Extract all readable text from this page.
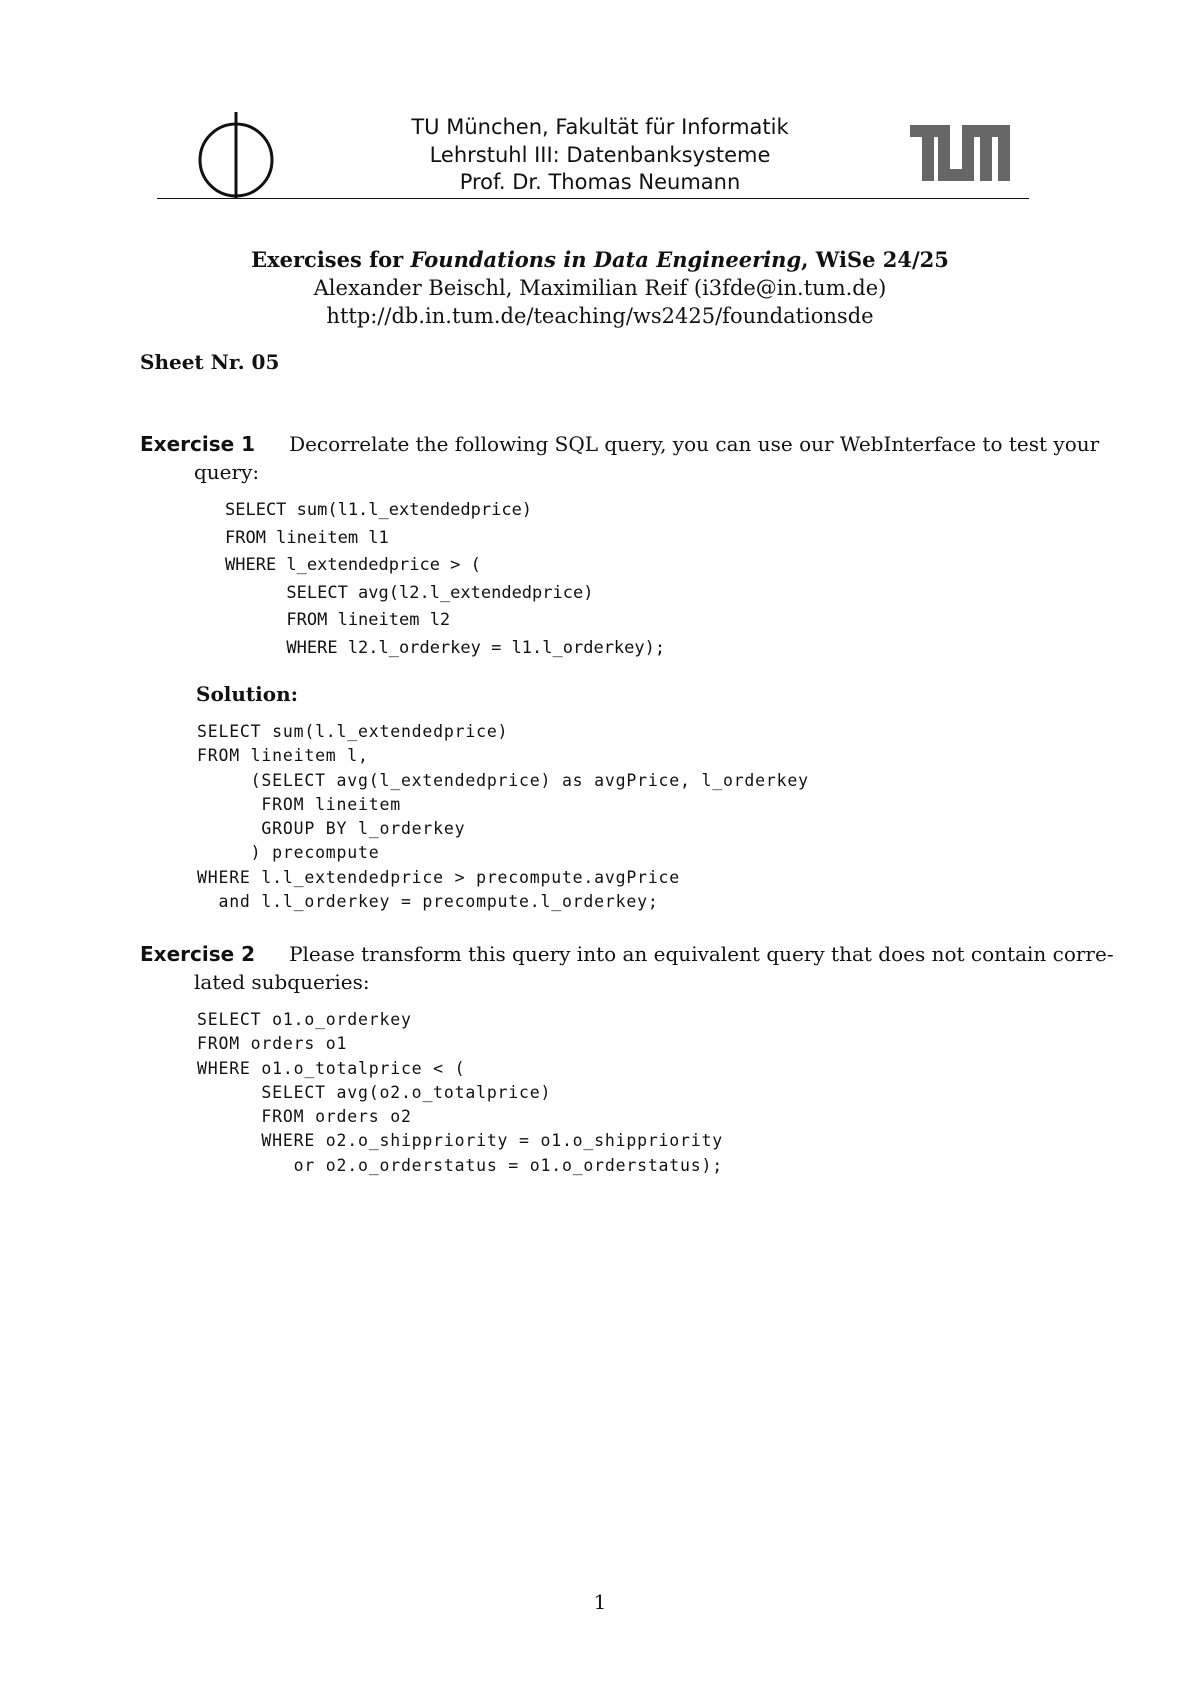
TU München, Fakultät für Informatik
Lehrstuhl III: Datenbanksysteme
Prof. Dr. Thomas Neumann
Exercises for Foundations in Data Engineering, WiSe 24/25
Alexander Beischl, Maximilian Reif (i3fde@in.tum.de)
http://db.in.tum.de/teaching/ws2425/foundationsde
Sheet Nr. 05
Exercise 1 Decorrelate the following SQL query, you can use our WebInterface to test your
query:
SELECT sum(l1.l_extendedprice)
FROM lineitem l1
WHERE l_extendedprice > (
SELECT avg(l2.l_extendedprice)
FROM lineitem l2
WHERE l2.l_orderkey = l1.l_orderkey);
Solution:
SELECT sum(l.l_extendedprice)
FROM lineitem l,
(SELECT avg(l_extendedprice) as avgPrice, l_orderkey
FROM lineitem
GROUP BY l_orderkey
) precompute
WHERE l.l_extendedprice > precompute.avgPrice
and l.l_orderkey = precompute.l_orderkey;
Exercise 2 Please transform this query into an equivalent query that does not contain corre-
lated subqueries:
SELECT o1.o_orderkey
FROM orders o1
WHERE o1.o_totalprice < (
SELECT avg(o2.o_totalprice)
FROM orders o2
WHERE o2.o_shippriority = o1.o_shippriority
or o2.o_orderstatus = o1.o_orderstatus);
1
